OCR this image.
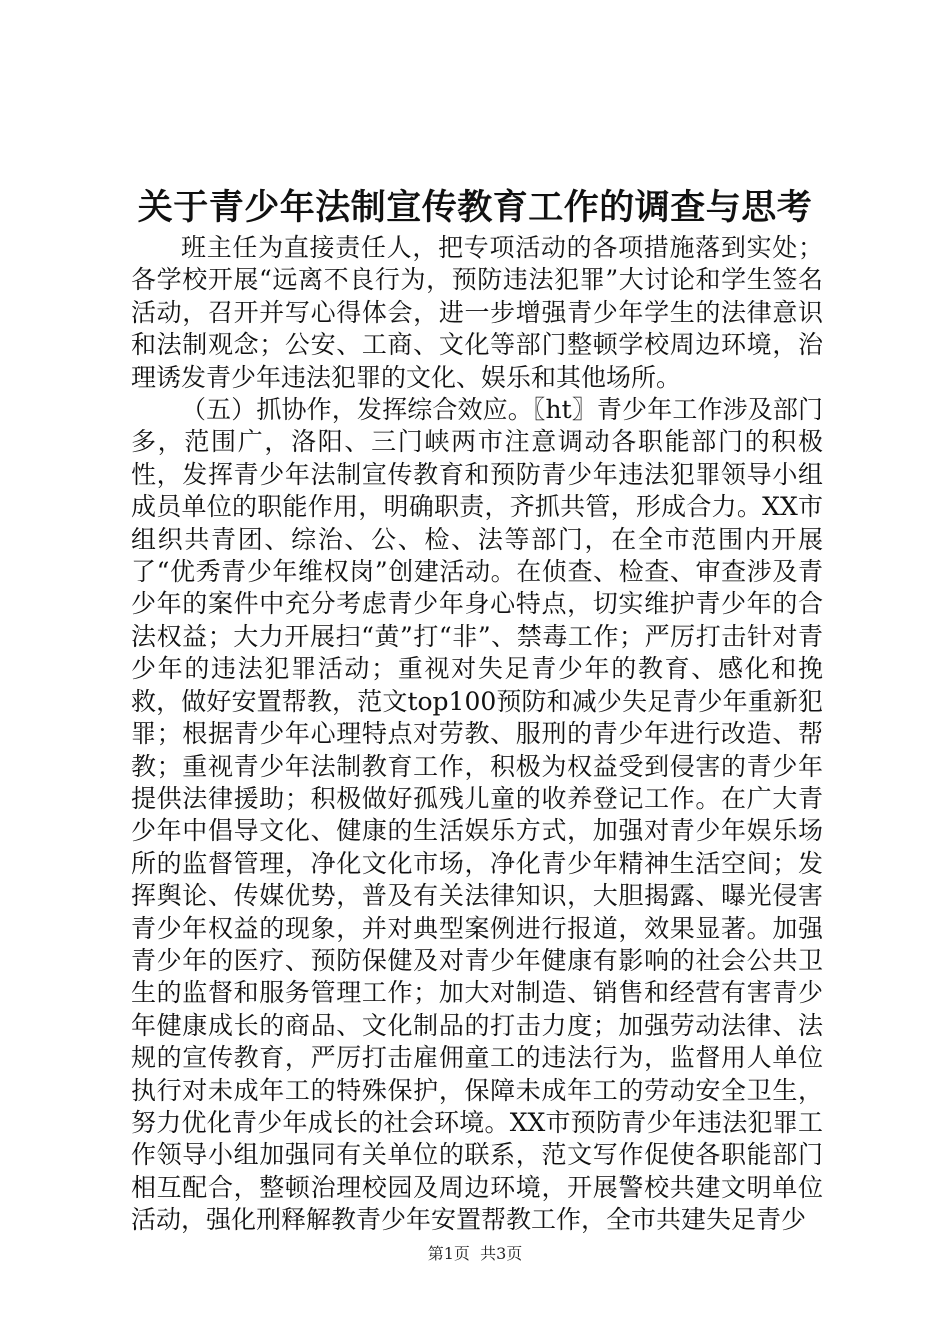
关于青少年法制宣传教育工作的调查与思考

班主任为直接责任人，把专项活动的各项措施落到实处；各学校开展“远离不良行为，预防违法犯罪”大讨论和学生签名活动，召开并写心得体会，进一步增强青少年学生的法律意识和法制观念；公安、工商、文化等部门整顿学校周边环境，治理诱发青少年违法犯罪的文化、娱乐和其他场所。

（五）抓协作，发挥综合效应。〖ht〗青少年工作涉及部门多，范围广，洛阳、三门峡两市注意调动各职能部门的积极性，发挥青少年法制宣传教育和预防青少年违法犯罪领导小组成员单位的职能作用，明确职责，齐抓共管，形成合力。XX市组织共青团、综治、公、检、法等部门，在全市范围内开展了“优秀青少年维权岗”创建活动。在侦查、检查、审查涉及青少年的案件中充分考虑青少年身心特点，切实维护青少年的合法权益；大力开展扫“黄”打“非”、禁毒工作；严厉打击针对青少年的违法犯罪活动；重视对失足青少年的教育、感化和挽救，做好安置帮教，范文top100预防和减少失足青少年重新犯罪；根据青少年心理特点对劳教、服刑的青少年进行改造、帮教；重视青少年法制教育工作，积极为权益受到侵害的青少年提供法律援助；积极做好孤残儿童的收养登记工作。在广大青少年中倡导文化、健康的生活娱乐方式，加强对青少年娱乐场所的监督管理，净化文化市场，净化青少年精神生活空间；发挥舆论、传媒优势，普及有关法律知识，大胆揭露、曝光侵害青少年权益的现象，并对典型案例进行报道，效果显著。加强青少年的医疗、预防保健及对青少年健康有影响的社会公共卫生的监督和服务管理工作；加大对制造、销售和经营有害青少年健康成长的商品、文化制品的打击力度；加强劳动法律、法规的宣传教育，严厉打击雇佣童工的违法行为，监督用人单位执行对未成年工的特殊保护，保障未成年工的劳动安全卫生，努力优化青少年成长的社会环境。XX市预防青少年违法犯罪工作领导小组加强同有关单位的联系，范文写作促使各职能部门相互配合，整顿治理校园及周边环境，开展警校共建文明单位活动，强化刑释解教青少年安置帮教工作，全市共建失足青少

第1页 共3页
